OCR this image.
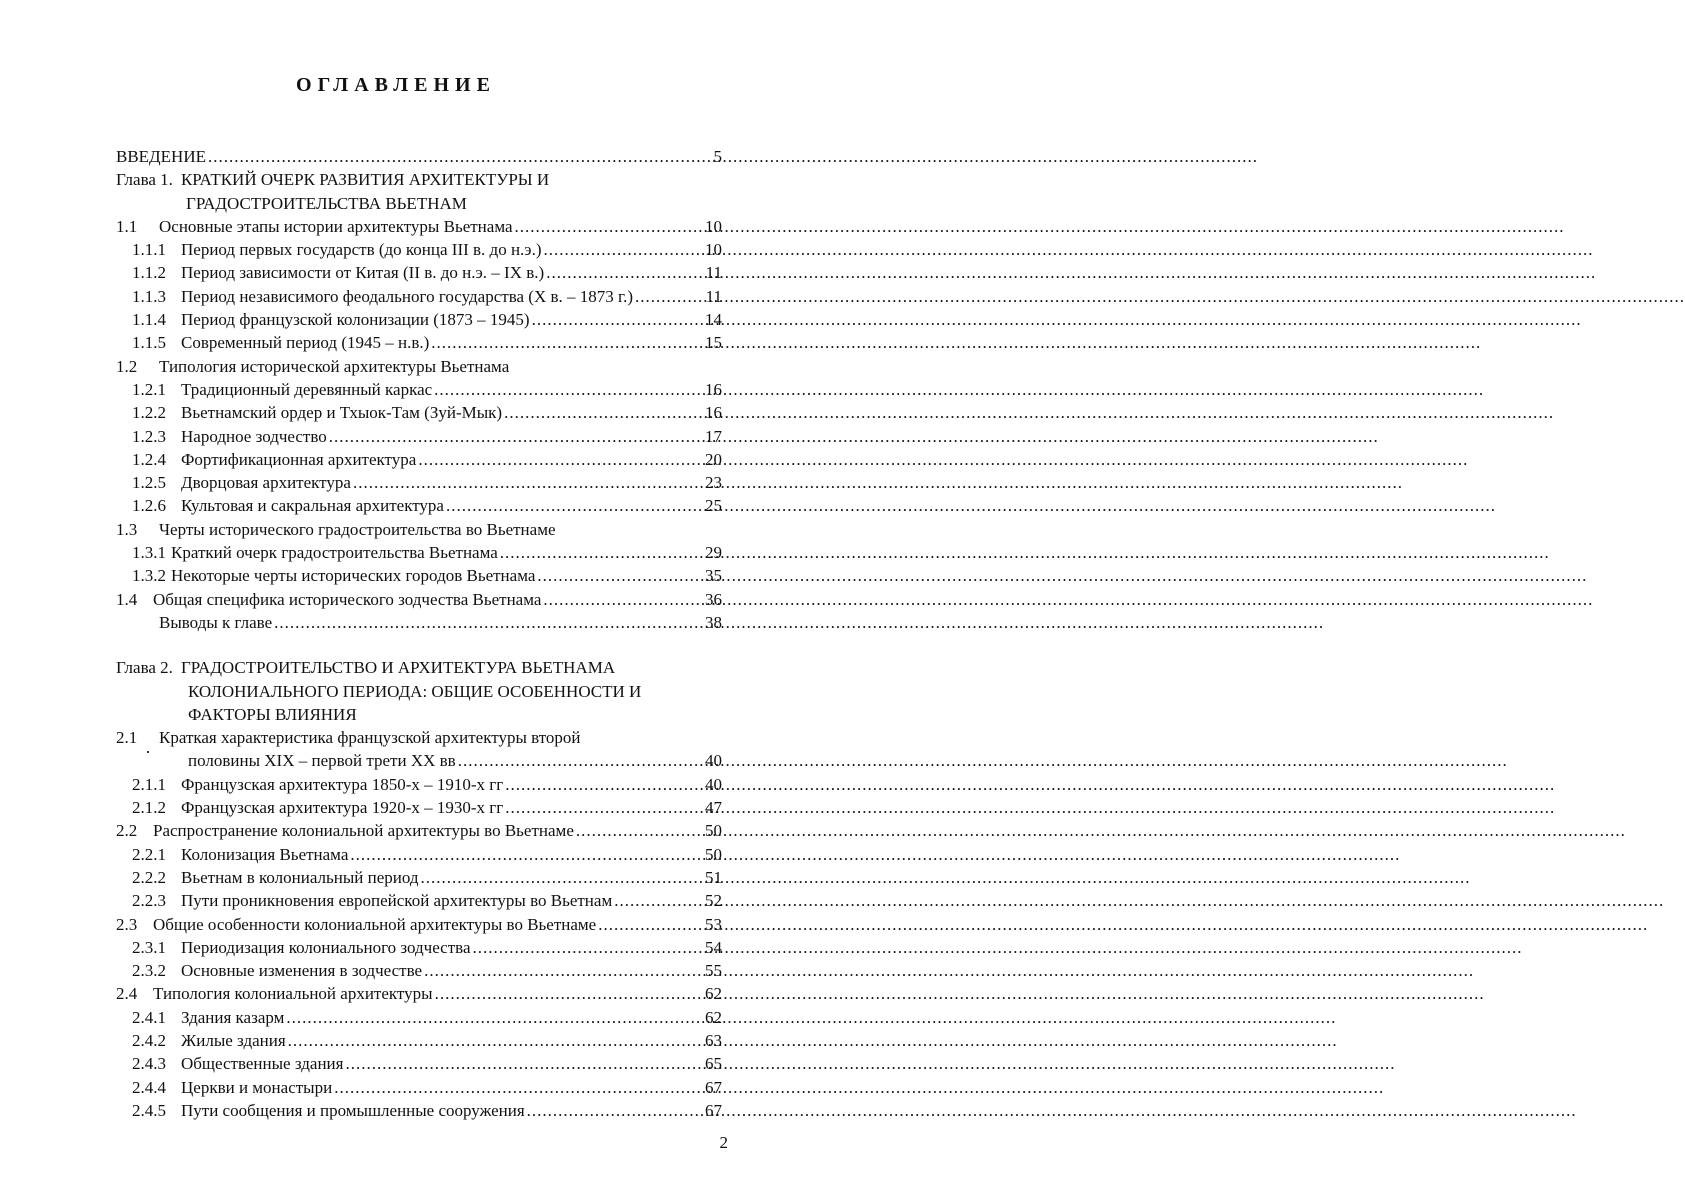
ОГЛАВЛЕНИЕ
ВВЕДЕНИЕ .....	5
Глава 1. КРАТКИЙ ОЧЕРК РАЗВИТИЯ АРХИТЕКТУРЫ И
ГРАДОСТРОИТЕЛЬСТВА ВЬЕТНАМ
1.1	Основные этапы истории архитектуры Вьетнама .....	10
1.1.1 Период первых государств (до конца III в. до н.э.) .....	10
1.1.2 Период зависимости от Китая (II в. до н.э. – IX в.) .....	11
1.1.3 Период независимого феодального государства (X в. – 1873 г.) .....	11
1.1.4 Период французской колонизации (1873 – 1945) .....	14
1.1.5 Современный период (1945 – н.в.) .....	15
1.2	Типология исторической архитектуры Вьетнама
1.2.1 Традиционный деревянный каркас .....	16
1.2.2 Вьетнамский ордер и Тхыок-Там (Зуй-Мык) .....	16
1.2.3 Народное зодчество .....	17
1.2.4 Фортификационная архитектура .....	20
1.2.5 Дворцовая архитектура .....	23
1.2.6 Культовая и сакральная архитектура .....	25
1.3	Черты исторического градостроительства во Вьетнаме
1.3.1 Краткий очерк градостроительства Вьетнама .....	29
1.3.2 Некоторые черты исторических городов Вьетнама .....	35
1.4 Общая специфика исторического зодчества Вьетнама .....	36
Выводы к главе .....	38
Глава 2. ГРАДОСТРОИТЕЛЬСТВО И АРХИТЕКТУРА ВЬЕТНАМА
КОЛОНИАЛЬНОГО ПЕРИОДА: ОБЩИЕ ОСОБЕННОСТИ И
ФАКТОРЫ ВЛИЯНИЯ
2.1	Краткая характеристика французской архитектуры второй
половины XIX – первой трети XX вв .....	40
2.1.1 Французская архитектура 1850-х – 1910-х гг .....	40
2.1.2 Французская архитектура 1920-х – 1930-х гг .....	47
2.2 Распространение колониальной архитектуры во Вьетнаме .....	50
2.2.1 Колонизация Вьетнама .....	50
2.2.2 Вьетнам в колониальный период .....	51
2.2.3 Пути проникновения европейской архитектуры во Вьетнам .....	52
2.3 Общие особенности колониальной архитектуры во Вьетнаме .....	53
2.3.1 Периодизация колониального зодчества .....	54
2.3.2 Основные изменения в зодчестве .....	55
2.4 Типология колониальной архитектуры .....	62
2.4.1 Здания казарм .....	62
2.4.2 Жилые здания .....	63
2.4.3 Общественные здания .....	65
2.4.4 Церкви и монастыри .....	67
2.4.5 Пути сообщения и промышленные сооружения .....	67
2
